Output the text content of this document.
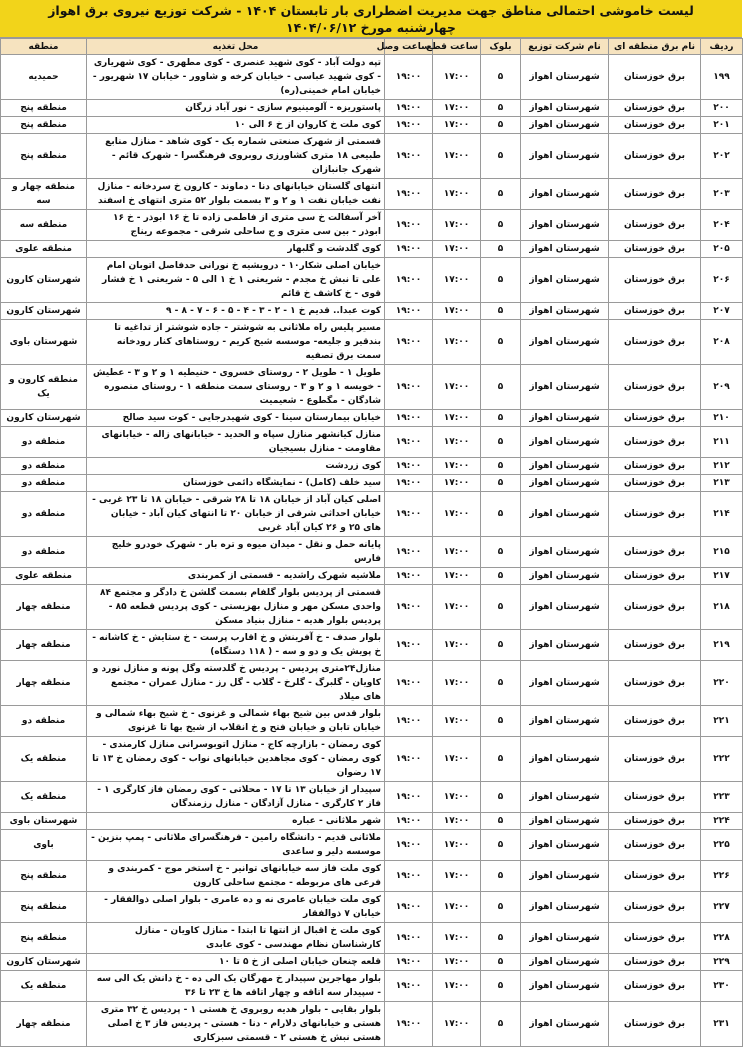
لیست خاموشی احتمالی مناطق جهت مدیریت اضطراری بار تابستان ۱۴۰۴ - شرکت توزیع نیروی برق اهواز
چهارشنبه مورخ ۱۴۰۴/۰۶/۱۲
ردیف	نام برق منطقه ای	نام شرکت توزیع	بلوک	ساعت قطع	ساعت وصل	محل تغذیه	منطقه
۱۹۹	برق خوزستان	شهرستان اهواز	۵	۱۷:۰۰	۱۹:۰۰	تپه دولت آباد - کوی شهید عنصری - کوی مطهری - کوی شهریاری - کوی شهید عباسی - خیابان کرخه و شاوور - خیابان ۱۷ شهریور - خیابان امام خمینی(ره)	حمیدیه
۲۰۰	برق خوزستان	شهرستان اهواز	۵	۱۷:۰۰	۱۹:۰۰	پاستوریزه - آلومینیوم سازی - نور آباد زرگان	منطقه پنج
۲۰۱	برق خوزستان	شهرستان اهواز	۵	۱۷:۰۰	۱۹:۰۰	کوی ملت خ کاروان از خ ۶ الی ۱۰	منطقه پنج
۲۰۲	برق خوزستان	شهرستان اهواز	۵	۱۷:۰۰	۱۹:۰۰	قسمتی از شهرک صنعتی شماره یک - کوی شاهد - منازل منابع طبیعی ۱۸ متری کشاورزی روبروی فرهنگسرا - شهرک قائم - شهرک جانبازان	منطقه پنج
۲۰۳	برق خوزستان	شهرستان اهواز	۵	۱۷:۰۰	۱۹:۰۰	انتهای گلستان خیابانهای دنا - دماوند - کارون خ سردخانه - منازل نفت خیابان نفت ۱ و ۲ و ۳ بسمت بلوار ۵۲ متری انتهای خ اسفند	منطقه چهار و سه
۲۰۴	برق خوزستان	شهرستان اهواز	۵	۱۷:۰۰	۱۹:۰۰	آخر آسفالت خ سی متری از فاطمی زاده تا خ ۱۶ ابوذر - خ ۱۶ ابوذر - بین سی متری و ج ساحلی شرقی - مجموعه ریناج	منطقه سه
۲۰۵	برق خوزستان	شهرستان اهواز	۵	۱۷:۰۰	۱۹:۰۰	کوی گلدشت و گلبهار	منطقه علوی
۲۰۶	برق خوزستان	شهرستان اهواز	۵	۱۷:۰۰	۱۹:۰۰	خیابان اصلی شکار۱۰ - درویشیه خ نورانی حدفاصل اتوبان امام علی تا نبش خ مجدم - شریعتی ۱ خ ۱ الی ۵ - شریعتی ۱ خ فشار قوی - خ کاشف خ قائم	شهرستان کارون
۲۰۷	برق خوزستان	شهرستان اهواز	۵	۱۷:۰۰	۱۹:۰۰	کوت عبدا.. قدیم خ ۱ - ۲ - ۳ - ۴ - ۵ - ۶ - ۷ - ۸ - ۹	شهرستان کارون
۲۰۸	برق خوزستان	شهرستان اهواز	۵	۱۷:۰۰	۱۹:۰۰	مسیر پلیس راه ملاثانی به شوشتر - جاده شوشتر از تداغیه تا بندقیر و جلیعه- موسسه شیخ کریم - روستاهای کنار رودخانه سمت برق تصفیه	شهرستان باوی
۲۰۹	برق خوزستان	شهرستان اهواز	۵	۱۷:۰۰	۱۹:۰۰	طویل ۱ - طویل ۲ - روستای خسروی - حنیطیه ۱ و ۲ و ۳ - عطیش - خویسه ۱ و ۲ و ۳ - روستای سمت منطقه ۱ - روستای منصوره شادگان - مگطوع - شعیمیت	منطقه کارون و یک
۲۱۰	برق خوزستان	شهرستان اهواز	۵	۱۷:۰۰	۱۹:۰۰	خیابان بیمارستان سینا - کوی شهیدرجایی - کوت سید صالح	شهرستان کارون
۲۱۱	برق خوزستان	شهرستان اهواز	۵	۱۷:۰۰	۱۹:۰۰	منازل کیانشهر منازل سپاه و الحدید - خیابانهای زاله - خیابانهای مقاومت - منازل بسیجیان	منطقه دو
۲۱۲	برق خوزستان	شهرستان اهواز	۵	۱۷:۰۰	۱۹:۰۰	کوی زردشت	منطقه دو
۲۱۳	برق خوزستان	شهرستان اهواز	۵	۱۷:۰۰	۱۹:۰۰	سید خلف (کامل) - نمایشگاه دائمی خوزستان	منطقه دو
۲۱۴	برق خوزستان	شهرستان اهواز	۵	۱۷:۰۰	۱۹:۰۰	اصلی کیان آباد از خیابان ۱۸ تا ۲۸ شرقی - خیابان ۱۸ تا ۲۳ غربی - خیابان احداثی شرقی از خیابان ۲۰ تا انتهای کیان آباد - خیابان های ۲۵ و ۲۶ کیان آباد غربی	منطقه دو
۲۱۵	برق خوزستان	شهرستان اهواز	۵	۱۷:۰۰	۱۹:۰۰	پایانه حمل و نقل - میدان میوه و تره بار - شهرک خودرو خلیج فارس	منطقه دو
۲۱۷	برق خوزستان	شهرستان اهواز	۵	۱۷:۰۰	۱۹:۰۰	ملاشیه شهرک راشدیه - قسمتی از کمربندی	منطقه علوی
۲۱۸	برق خوزستان	شهرستان اهواز	۵	۱۷:۰۰	۱۹:۰۰	قسمتی از پردیس بلوار گلفام بسمت گلشن خ دادگر و مجتمع ۸۴ واحدی مسکن مهر و منازل بهزیستی - کوی پردیس قطعه ۸۵ - پردیس بلوار هدیه - منازل بنیاد مسکن	منطقه چهار
۲۱۹	برق خوزستان	شهرستان اهواز	۵	۱۷:۰۰	۱۹:۰۰	بلوار صدف - خ آفرینش و خ اقارب پرست - خ ستایش - خ کاشانه - خ پویش یک و دو و سه - ( ۱۱۸ دستگاه)	منطقه چهار
۲۲۰	برق خوزستان	شهرستان اهواز	۵	۱۷:۰۰	۱۹:۰۰	منازل۲۴متری پردیس - پردیس خ گلدسته وگل پونه و منازل نورد و کاویان - گلبرگ - گلرخ - گلاب - گل رز - منازل عمران - مجتمع های میلاد	منطقه چهار
۲۲۱	برق خوزستان	شهرستان اهواز	۵	۱۷:۰۰	۱۹:۰۰	بلوار قدس بین شیخ بهاء شمالی و غزنوی - خ شیخ بهاء شمالی و خیابان تابان و خیابان فتح و خ انقلاب از شیخ بها تا غزنوی	منطقه دو
۲۲۲	برق خوزستان	شهرستان اهواز	۵	۱۷:۰۰	۱۹:۰۰	کوی رمضان - بازارچه کاج - منازل اتوبوسرانی منازل کارمندی - کوی رمضان - کوی مجاهدین خیابانهای نواب - کوی رمضان خ ۱۳ تا ۱۷ رضوان	منطقه یک
۲۲۳	برق خوزستان	شهرستان اهواز	۵	۱۷:۰۰	۱۹:۰۰	سپیدار از خیابان ۱۳ تا ۱۷ - محلاتی - کوی رمضان فاز کارگری ۱ - فاز ۲ کارگری - منازل آزادگان - منازل رزمندگان	منطقه یک
۲۲۴	برق خوزستان	شهرستان اهواز	۵	۱۷:۰۰	۱۹:۰۰	شهر ملاثانی - عباره	شهرستان باوی
۲۲۵	برق خوزستان	شهرستان اهواز	۵	۱۷:۰۰	۱۹:۰۰	ملاثانی قدیم - دانشگاه رامین - فرهنگسرای ملاثانی - پمپ بنزین - موسسه دلیر و ساعدی	باوی
۲۲۶	برق خوزستان	شهرستان اهواز	۵	۱۷:۰۰	۱۹:۰۰	کوی ملت فاز سه خیابانهای توانیر - خ استخر موج - کمربندی و فرعی های مربوطه - مجتمع ساحلی کارون	منطقه پنج
۲۲۷	برق خوزستان	شهرستان اهواز	۵	۱۷:۰۰	۱۹:۰۰	کوی ملت خیابان عامری نه و ده عامری - بلوار اصلی ذوالفقار - خیابان ۷ ذوالفقار	منطقه پنج
۲۲۸	برق خوزستان	شهرستان اهواز	۵	۱۷:۰۰	۱۹:۰۰	کوی ملت خ اقبال از انتها تا ابتدا - منازل کاویان - منازل کارشناسان نظام مهندسی - کوی عابدی	منطقه پنج
۲۲۹	برق خوزستان	شهرستان اهواز	۵	۱۷:۰۰	۱۹:۰۰	قلعه چنعان خیابان اصلی از خ ۵ تا ۱۰	شهرستان کارون
۲۳۰	برق خوزستان	شهرستان اهواز	۵	۱۷:۰۰	۱۹:۰۰	بلوار مهاجرین سپیدار خ مهرگان یک الی ده - خ دانش یک الی سه - سپیدار سه اتاقه و چهار اتاقه ها خ ۲۳ تا ۳۶	منطقه یک
۲۳۱	برق خوزستان	شهرستان اهواز	۵	۱۷:۰۰	۱۹:۰۰	بلوار بقایی - بلوار هدیه روبروی خ هستی ۱ - پردیس خ ۳۲ متری هستی و خیابانهای دلارام - دنا - هستی - پردیس فاز ۳ خ اصلی هستی نبش خ هستی ۲ - قسمتی سبزکاری	منطقه چهار
